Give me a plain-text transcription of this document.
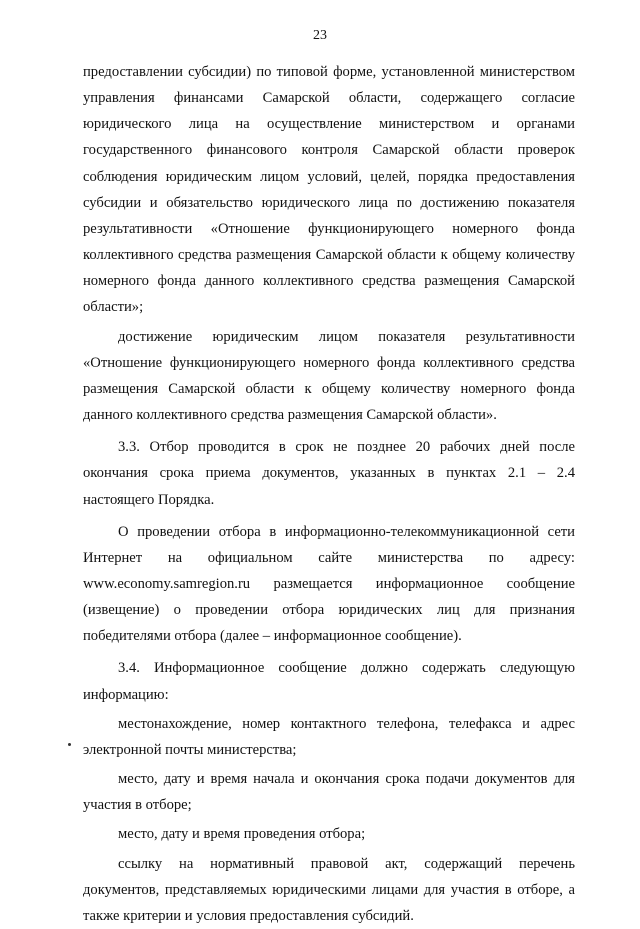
23

предоставлении субсидии) по типовой форме, установленной министерством управления финансами Самарской области, содержащего согласие юридического лица на осуществление министерством и органами государственного финансового контроля Самарской области проверок соблюдения юридическим лицом условий, целей, порядка предоставления субсидии и обязательство юридического лица по достижению показателя результативности «Отношение функционирующего номерного фонда коллективного средства размещения Самарской области к общему количеству номерного фонда данного коллективного средства размещения Самарской области»;

достижение юридическим лицом показателя результативности «Отношение функционирующего номерного фонда коллективного средства размещения Самарской области к общему количеству номерного фонда данного коллективного средства размещения Самарской области».

3.3. Отбор проводится в срок не позднее 20 рабочих дней после окончания срока приема документов, указанных в пунктах 2.1 – 2.4 настоящего Порядка.

О проведении отбора в информационно-телекоммуникационной сети Интернет на официальном сайте министерства по адресу: www.economy.samregion.ru размещается информационное сообщение (извещение) о проведении отбора юридических лиц для признания победителями отбора (далее – информационное сообщение).

3.4. Информационное сообщение должно содержать следующую информацию:

местонахождение, номер контактного телефона, телефакса и адрес электронной почты министерства;

место, дату и время начала и окончания срока подачи документов для участия в отборе;

место, дату и время проведения отбора;

ссылку на нормативный правовой акт, содержащий перечень документов, представляемых юридическими лицами для участия в отборе, а также критерии и условия предоставления субсидий.
